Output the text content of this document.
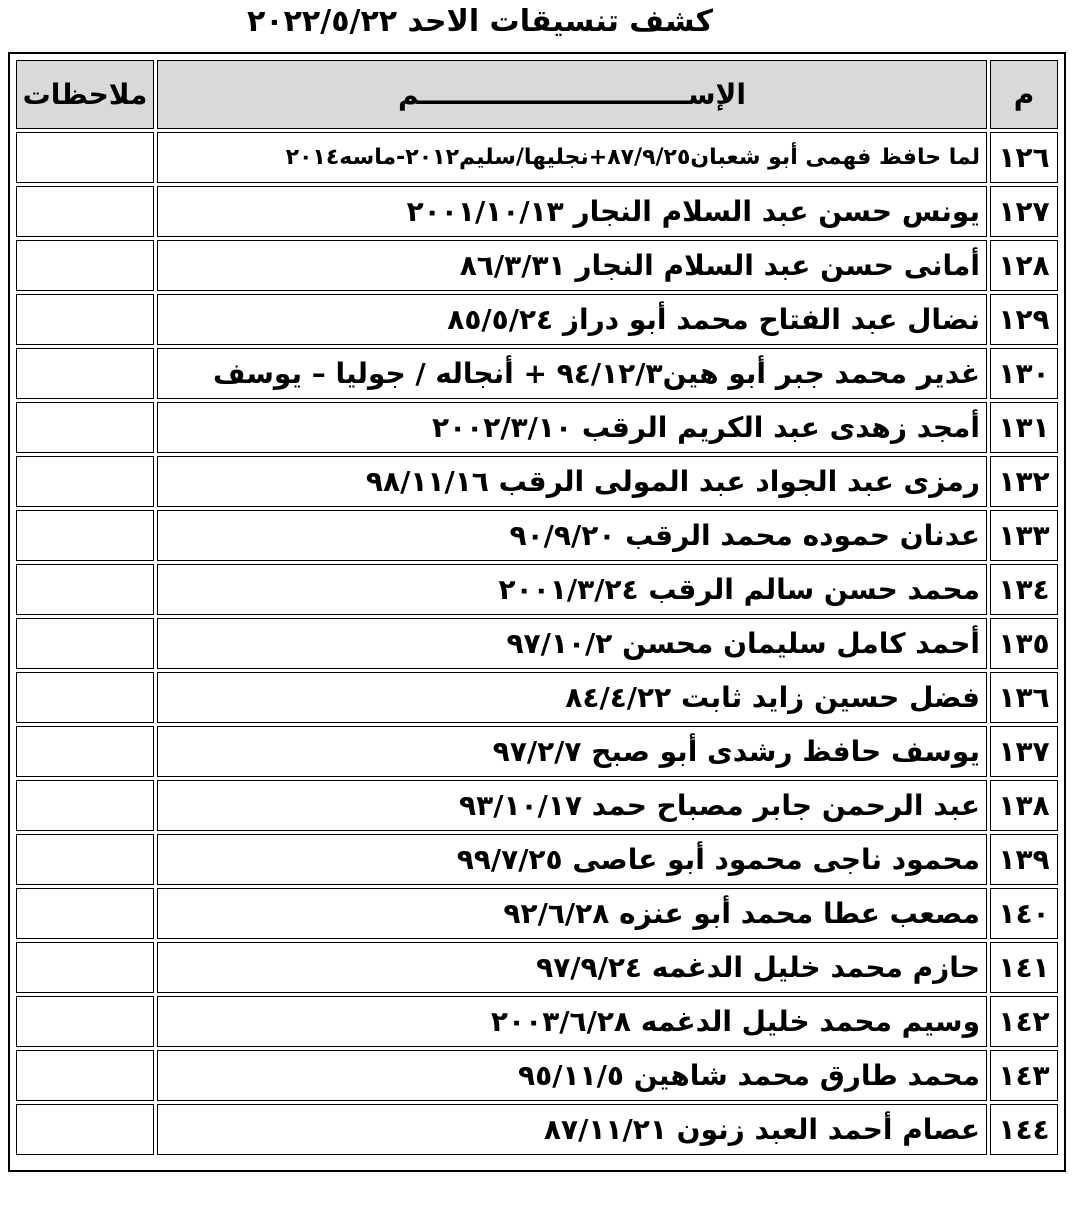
كشف تنسيقات الاحد ٢٠٢٢/٥/٢٢
م	الإســــــــــــــــــــــــــــم	ملاحظات
١٢٦	لما حافظ فهمى أبو شعبان٨٧/٩/٢٥+نجليها/سليم٢٠١٢-ماسه٢٠١٤	
١٢٧	يونس حسن عبد السلام النجار ٢٠٠١/١٠/١٣	
١٢٨	أمانى حسن عبد السلام النجار ٨٦/٣/٣١	
١٢٩	نضال عبد الفتاح محمد أبو دراز ٨٥/٥/٢٤	
١٣٠	غدير محمد جبر أبو هين٩٤/١٢/٣ + أنجاله / جوليا – يوسف	
١٣١	أمجد زهدى عبد الكريم الرقب ٢٠٠٢/٣/١٠	
١٣٢	رمزى عبد الجواد عبد المولى الرقب ٩٨/١١/١٦	
١٣٣	عدنان حموده محمد الرقب ٩٠/٩/٢٠	
١٣٤	محمد حسن سالم الرقب ٢٠٠١/٣/٢٤	
١٣٥	أحمد كامل سليمان محسن ٩٧/١٠/٢	
١٣٦	فضل حسين زايد ثابت ٨٤/٤/٢٢	
١٣٧	يوسف حافظ رشدى أبو صبح ٩٧/٢/٧	
١٣٨	عبد الرحمن جابر مصباح حمد ٩٣/١٠/١٧	
١٣٩	محمود ناجى محمود أبو عاصى ٩٩/٧/٢٥	
١٤٠	مصعب عطا محمد أبو عنزه ٩٢/٦/٢٨	
١٤١	حازم محمد خليل الدغمه ٩٧/٩/٢٤	
١٤٢	وسيم محمد خليل الدغمه ٢٠٠٣/٦/٢٨	
١٤٣	محمد طارق محمد شاهين ٩٥/١١/٥	
١٤٤	عصام أحمد العبد زنون ٨٧/١١/٢١	
